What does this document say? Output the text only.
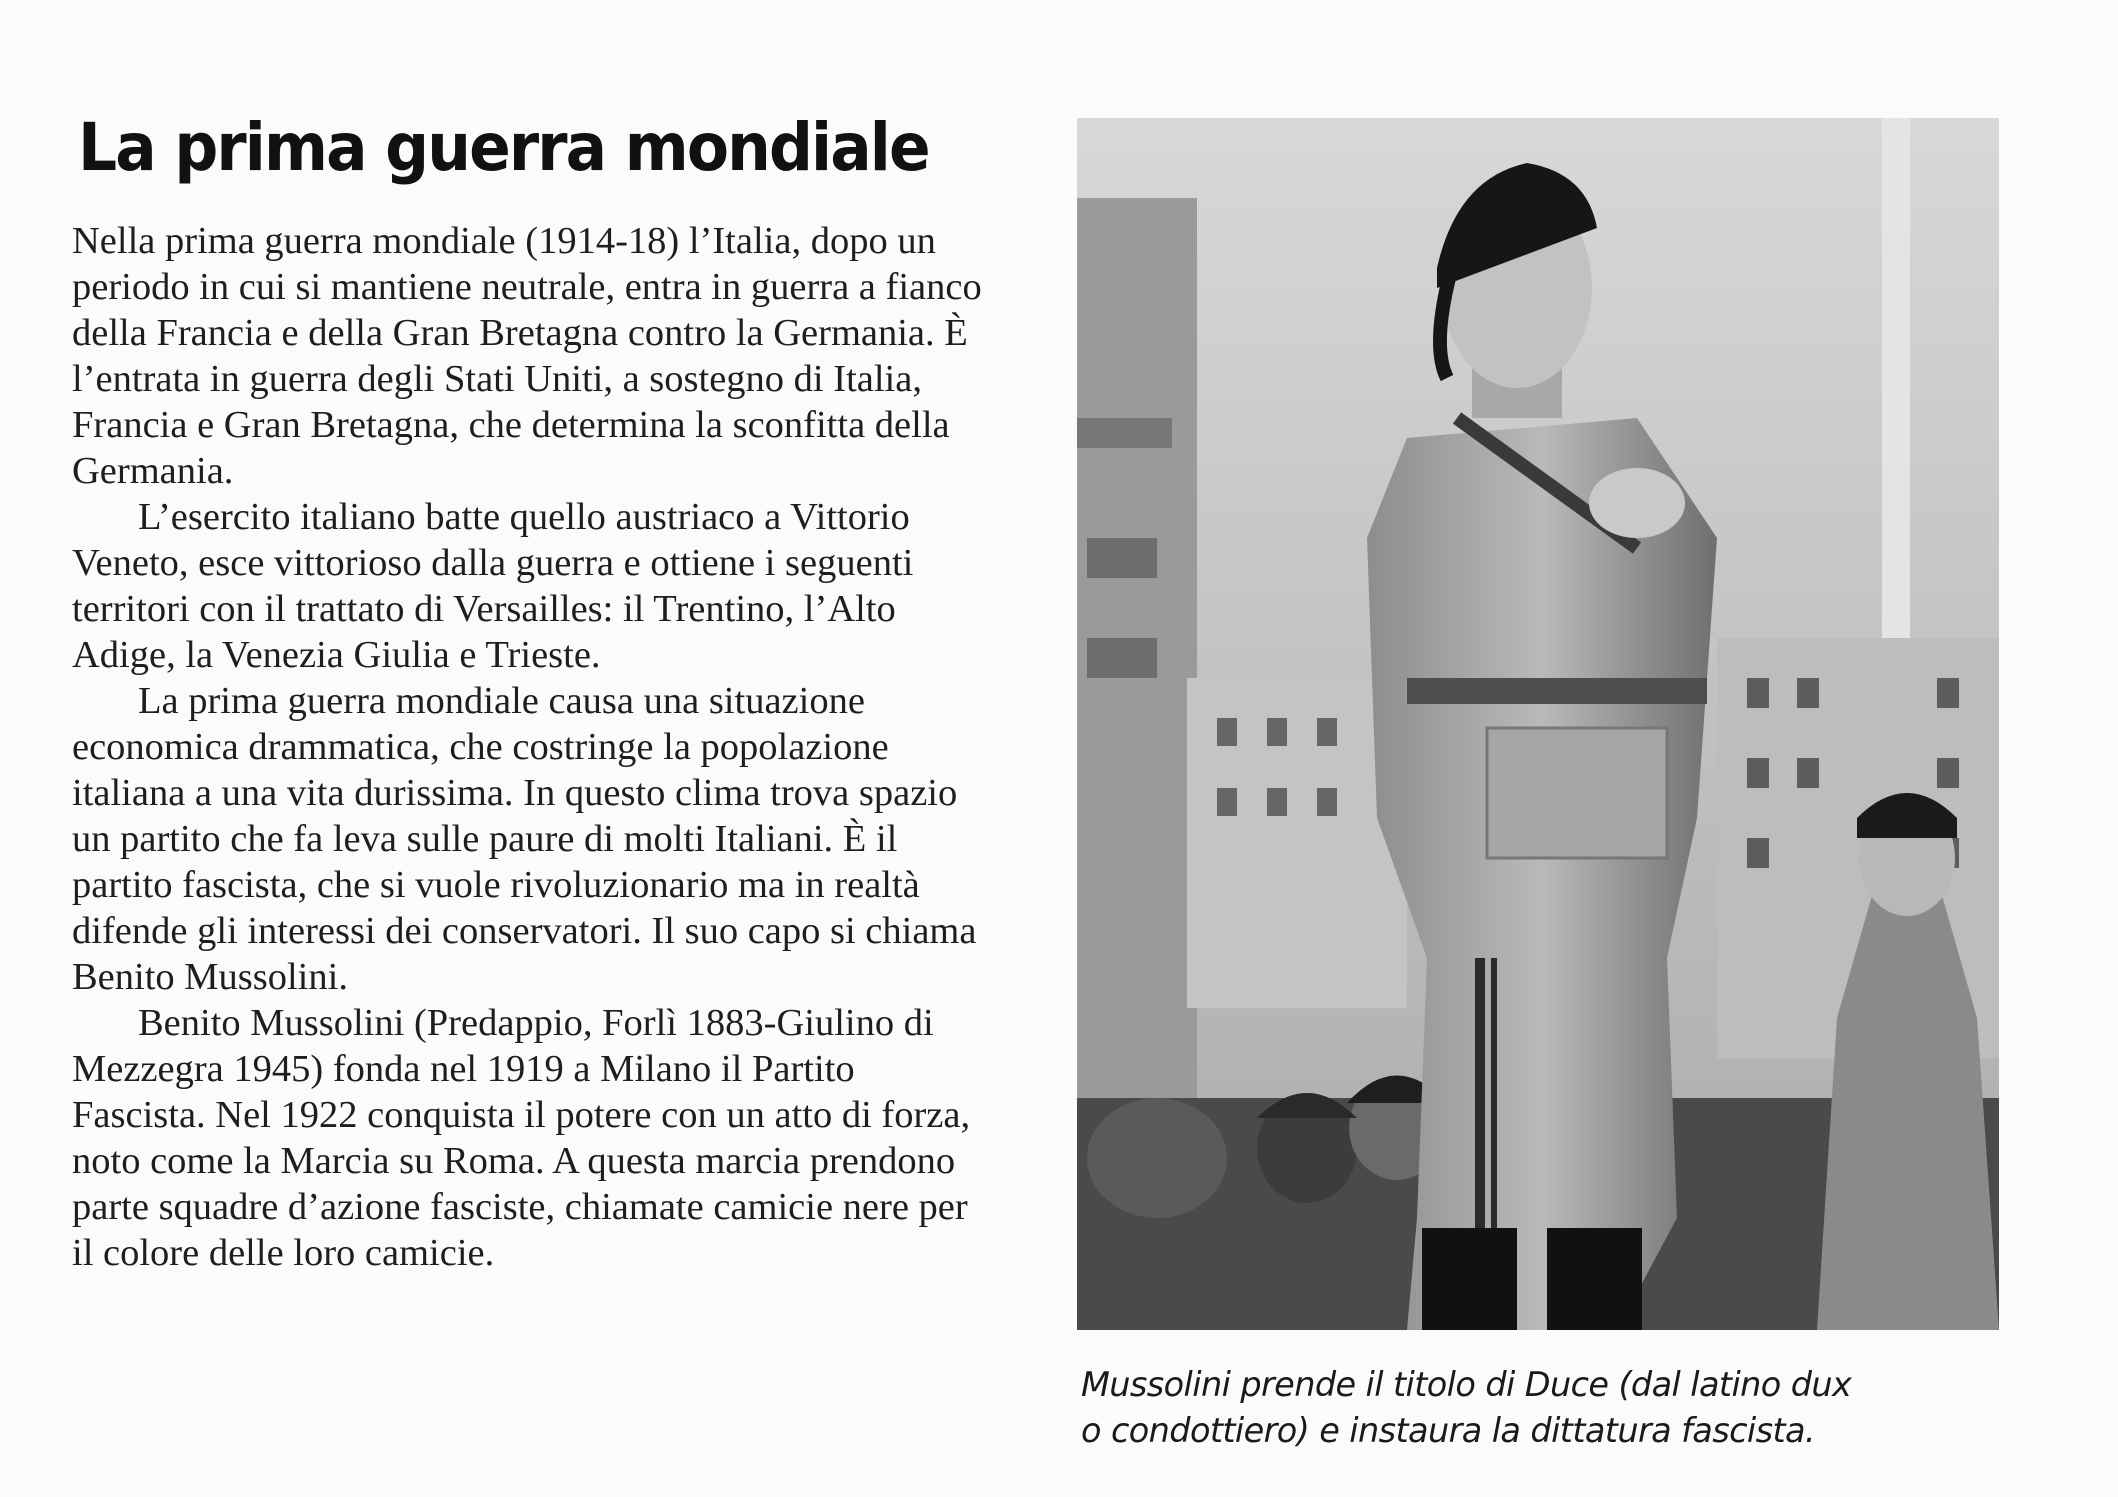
La prima guerra mondiale

Nella prima guerra mondiale (1914-18) l’Italia, dopo un periodo in cui si mantiene neutrale, entra in guerra a fianco della Francia e della Gran Bretagna contro la Germania. È l’entrata in guerra degli Stati Uniti, a sostegno di Italia, Francia e Gran Bretagna, che determina la sconfitta della Germania.

L’esercito italiano batte quello austriaco a Vittorio Veneto, esce vittorioso dalla guerra e ottiene i seguenti territori con il trattato di Versailles: il Trentino, l’Alto Adige, la Venezia Giulia e Trieste.

La prima guerra mondiale causa una situazione economica drammatica, che costringe la popolazione italiana a una vita durissima. In questo clima trova spazio un partito che fa leva sulle paure di molti Italiani. È il partito fascista, che si vuole rivoluzionario ma in realtà difende gli interessi dei conservatori. Il suo capo si chiama Benito Mussolini.

Benito Mussolini (Predappio, Forlì 1883-Giulino di Mezzegra 1945) fonda nel 1919 a Milano il Partito Fascista. Nel 1922 conquista il potere con un atto di forza, noto come la Marcia su Roma. A questa marcia prendono parte squadre d’azione fasciste, chiamate camicie nere per il colore delle loro camicie.

Mussolini prende il titolo di Duce (dal latino dux
o condottiero) e instaura la dittatura fascista.
